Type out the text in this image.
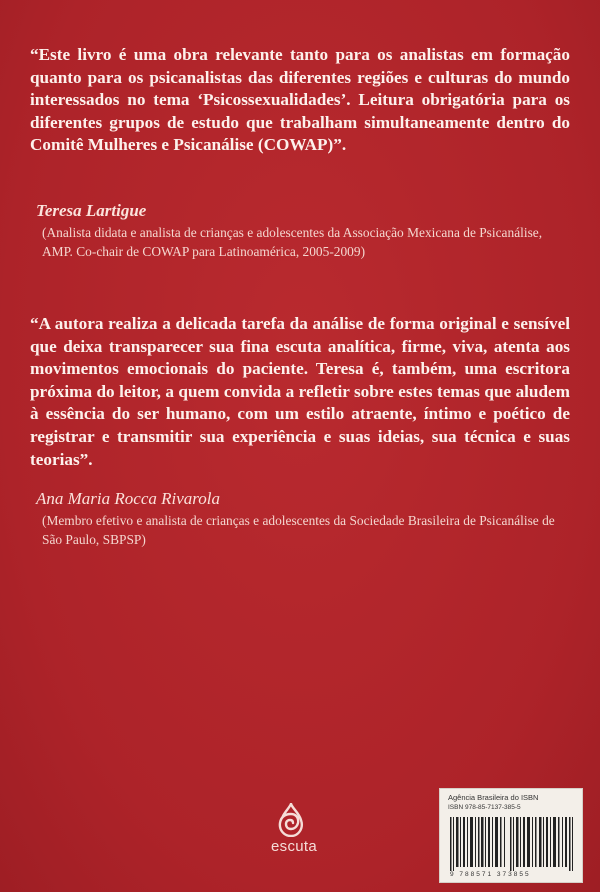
“Este livro é uma obra relevante tanto para os analistas em formação quanto para os psicanalistas das diferentes regiões e culturas do mundo interessados no tema ‘Psicossexualidades’. Leitura obrigatória para os diferentes grupos de estudo que trabalham simultaneamente dentro do Comitê Mulheres e Psicanálise (COWAP)”.
Teresa Lartigue
(Analista didata e analista de crianças e adolescentes da Associação Mexicana de Psicanálise, AMP. Co-chair de COWAP para Latinoamérica, 2005-2009)
“A autora realiza a delicada tarefa da análise de forma original e sensível que deixa transparecer sua fina escuta analítica, firme, viva, atenta aos movimentos emocionais do paciente. Teresa é, também, uma escritora próxima do leitor, a quem convida a refletir sobre estes temas que aludem à essência do ser humano, com um estilo atraente, íntimo e poético de registrar e transmitir sua experiência e suas ideias, sua técnica e suas teorias”.
Ana Maria Rocca Rivarola
(Membro efetivo e analista de crianças e adolescentes da Sociedade Brasileira de Psicanálise de São Paulo, SBPSP)
escuta
Agência Brasileira do ISBN
ISBN 978-85-7137-385-5
9 788571 373855
